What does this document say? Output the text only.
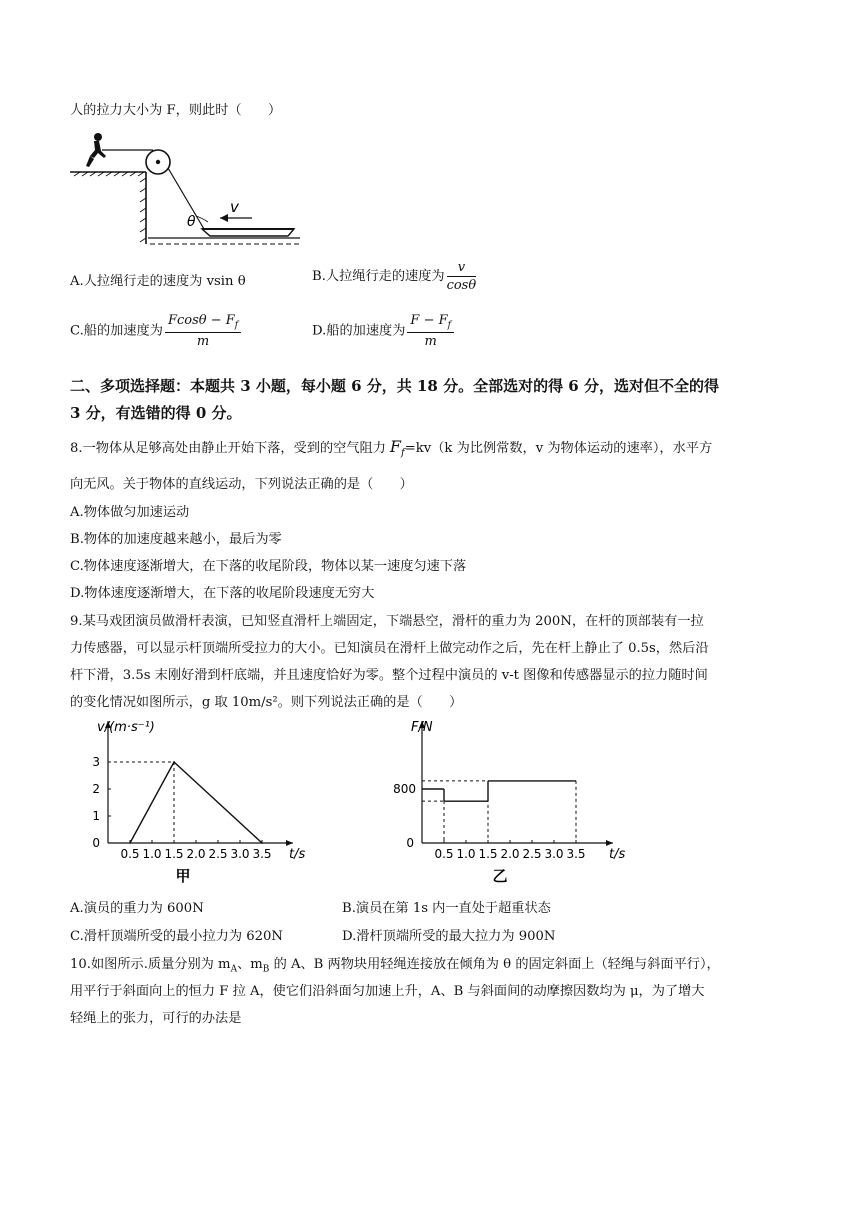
人的拉力大小为 F，则此时（　　）
θ
v
A.人拉绳行走的速度为 vsin θ	B.人拉绳行走的速度为 $\frac{v}{\cos\theta}$
C.船的加速度为 $\frac{Fcos\theta - F_f}{m}$	D.船的加速度为 $\frac{F - F_f}{m}$
二、多项选择题：本题共 3 小题，每小题 6 分，共 18 分。全部选对的得 6 分，选对但不全的得
3 分，有选错的得 0 分。
8.一物体从足够高处由静止开始下落，受到的空气阻力 $F_f=kv(k$ 为比例常数，v 为物体运动的速率），水平方
向无风。关于物体的直线运动，下列说法正确的是（　　）
A.物体做匀加速运动
B.物体的加速度越来越小，最后为零
C.物体速度逐渐增大，在下落的收尾阶段，物体以某一速度匀速下落
D.物体速度逐渐增大，在下落的收尾阶段速度无穷大
9.某马戏团演员做滑杆表演，已知竖直滑杆上端固定，下端悬空，滑杆的重力为 200N，在杆的顶部装有一拉
力传感器，可以显示杆顶端所受拉力的大小。已知演员在滑杆上做完动作之后，先在杆上静止了 0.5s，然后沿
杆下滑，3.5s 末刚好滑到杆底端，并且速度恰好为零。整个过程中演员的 v-t 图像和传感器显示的拉力随时间
的变化情况如图所示，g 取 10m/s²。则下列说法正确的是（　　）
0.5 1.0 1.5 2.0 2.5 3.0 3.5
0
t/s
v/(m·s⁻¹)
1
2
3
甲
0.5 1.0 1.5 2.0 2.5 3.0 3.5
0
t/s
F/N
800
乙
A.演员的重力为 600N	B.演员在第 1s 内一直处于超重状态
C.滑杆顶端所受的最小拉力为 620N	D.滑杆顶端所受的最大拉力为 900N
10.如图所示.质量分别为 $m_A$、$m_B$ 的 A、B 两物块用轻绳连接放在倾角为 θ 的固定斜面上（轻绳与斜面平行），
用平行于斜面向上的恒力 F 拉 A，使它们沿斜面匀加速上升，A、B 与斜面间的动摩擦因数均为 μ，为了增大
轻绳上的张力，可行的办法是
